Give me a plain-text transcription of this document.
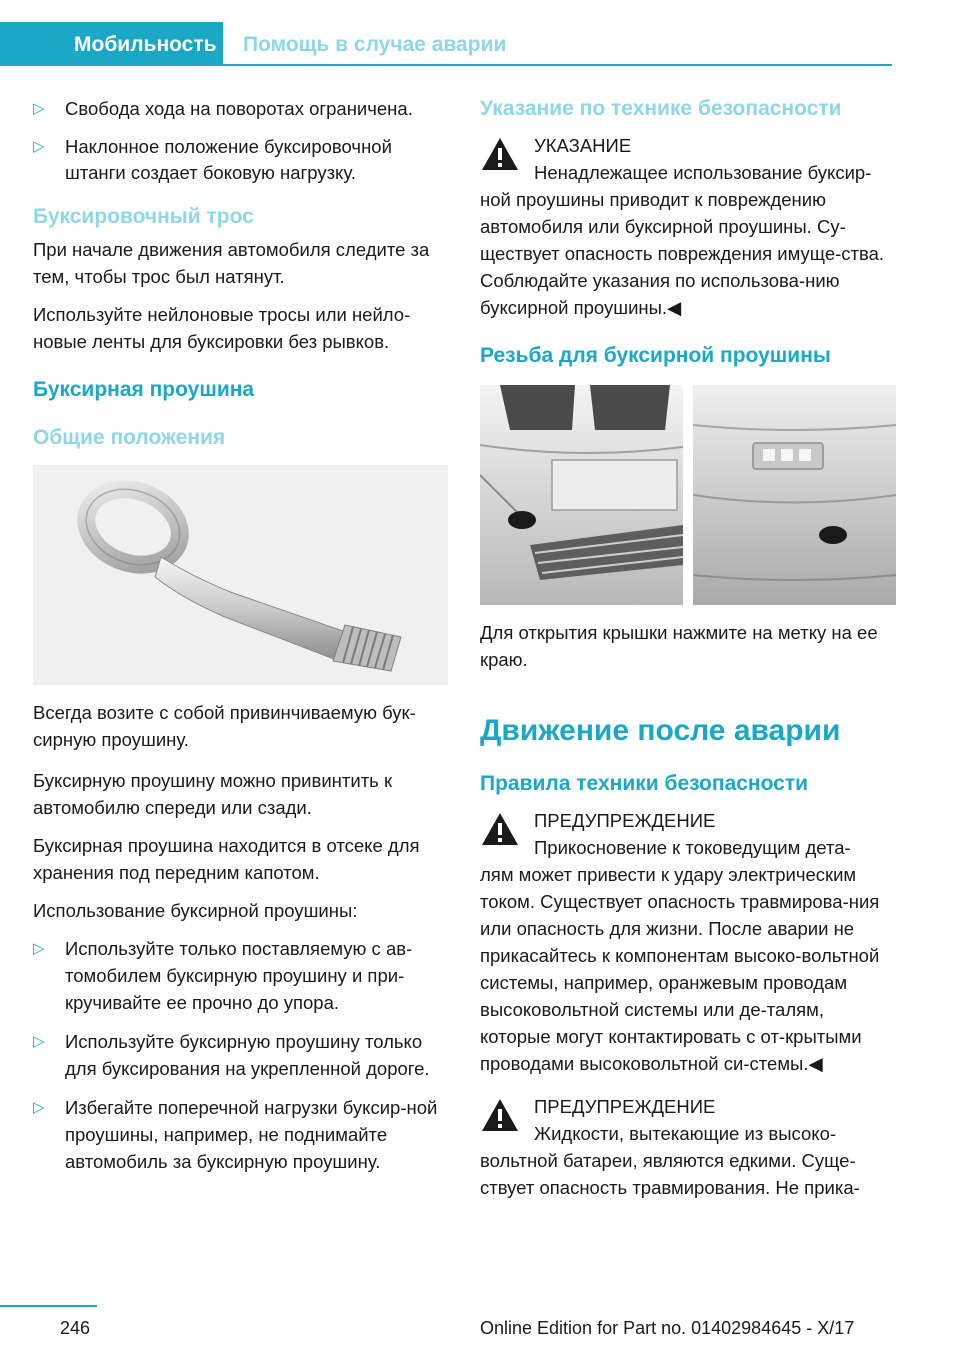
Мобильность	Помощь в случае аварии
▷ Свобода хода на поворотах ограничена.
▷ Наклонное положение буксировочной штанги создает боковую нагрузку.
Буксировочный трос

При начале движения автомобиля следите за тем, чтобы трос был натянут.

Используйте нейлоновые тросы или нейло-новые ленты для буксировки без рывков.

Буксирная проушина
Общие положения

Всегда возите с собой привинчиваемую бук-сирную проушину.

Буксирную проушину можно привинтить к автомобилю спереди или сзади.

Буксирная проушина находится в отсеке для хранения под передним капотом.

Использование буксирной проушины:

▷ Используйте только поставляемую с ав-томобилем буксирную проушину и при-кручивайте ее прочно до упора.
▷ Используйте буксирную проушину только для буксирования на укрепленной дороге.
▷ Избегайте поперечной нагрузки буксир-ной проушины, например, не поднимайте автомобиль за буксирную проушину.
Указание по технике безопасности
УКАЗАНИЕ
Ненадлежащее использование буксир-
ной проушины приводит к повреждению автомобиля или буксирной проушины. Су-ществует опасность повреждения имуще-ства. Соблюдайте указания по использова-нию буксирной проушины.◀
Резьба для буксирной проушины

Для открытия крышки нажмите на метку на ее краю.

Движение после аварии
Правила техники безопасности
ПРЕДУПРЕЖДЕНИЕ
Прикосновение к токоведущим дета-
лям может привести к удару электрическим током. Существует опасность травмирова-ния или опасность для жизни. После аварии не прикасайтесь к компонентам высоко-вольтной системы, например, оранжевым проводам высоковольтной системы или де-талям, которые могут контактировать с от-крытыми проводами высоковольтной си-стемы.◀
ПРЕДУПРЕЖДЕНИЕ
Жидкости, вытекающие из высоко-
вольтной батареи, являются едкими. Суще-ствует опасность травмирования. Не прика-
246	Online Edition for Part no. 01402984645 - X/17
